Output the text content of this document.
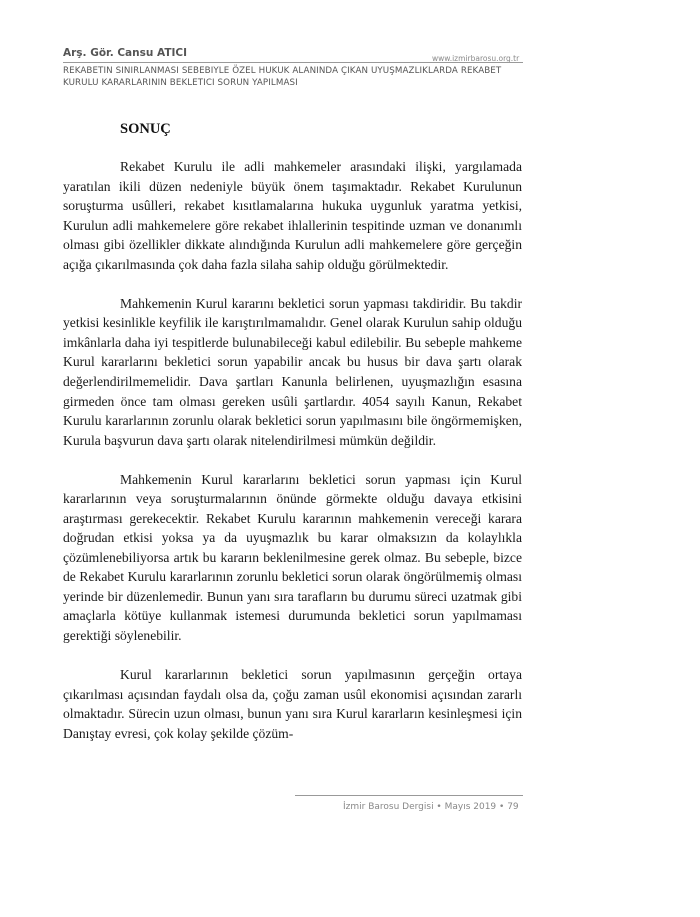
Arş. Gör. Cansu ATICI	www.izmirbarosu.org.tr
REKABETIN SINIRLANMASI SEBEBIYLE ÖZEL HUKUK ALANINDA ÇIKAN UYUŞMAZLIKLARDA REKABET KURULU KARARLARININ BEKLETICI SORUN YAPILMASI
SONUÇ

Rekabet Kurulu ile adli mahkemeler arasındaki ilişki, yargılamada yaratılan ikili düzen nedeniyle büyük önem taşımaktadır. Rekabet Kurulunun soruşturma usûlleri, rekabet kısıtlamalarına hukuka uygunluk yaratma yetkisi, Kurulun adli mahkemelere göre rekabet ihlallerinin tespitinde uzman ve donanımlı olması gibi özellikler dikkate alındığında Kurulun adli mahkemelere göre gerçeğin açığa çıkarılmasında çok daha fazla silaha sahip olduğu görülmektedir.

Mahkemenin Kurul kararını bekletici sorun yapması takdiridir. Bu takdir yetkisi kesinlikle keyfilik ile karıştırılmamalıdır. Genel olarak Kurulun sahip olduğu imkânlarla daha iyi tespitlerde bulunabileceği kabul edilebilir. Bu sebeple mahkeme Kurul kararlarını bekletici sorun yapabilir ancak bu husus bir dava şartı olarak değerlendirilmemelidir. Dava şartları Kanunla belirlenen, uyuşmazlığın esasına girmeden önce tam olması gereken usûli şartlardır. 4054 sayılı Kanun, Rekabet Kurulu kararlarının zorunlu olarak bekletici sorun yapılmasını bile öngörmemişken, Kurula başvurun dava şartı olarak nitelendirilmesi mümkün değildir.

Mahkemenin Kurul kararlarını bekletici sorun yapması için Kurul kararlarının veya soruşturmalarının önünde görmekte olduğu davaya etkisini araştırması gerekecektir. Rekabet Kurulu kararının mahkemenin vereceği karara doğrudan etkisi yoksa ya da uyuşmazlık bu karar olmaksızın da kolaylıkla çözümlenebiliyorsa artık bu kararın beklenilmesine gerek olmaz. Bu sebeple, bizce de Rekabet Kurulu kararlarının zorunlu bekletici sorun olarak öngörülmemiş olması yerinde bir düzenlemedir. Bunun yanı sıra tarafların bu durumu süreci uzatmak gibi amaçlarla kötüye kullanmak istemesi durumunda bekletici sorun yapılmaması gerektiği söylenebilir.

Kurul kararlarının bekletici sorun yapılmasının gerçeğin ortaya çıkarılması açısından faydalı olsa da, çoğu zaman usûl ekonomisi açısından zararlı olmaktadır. Sürecin uzun olması, bunun yanı sıra Kurul kararların kesinleşmesi için Danıştay evresi, çok kolay şekilde çözüm-

İzmir Barosu Dergisi • Mayıs 2019 • 79
